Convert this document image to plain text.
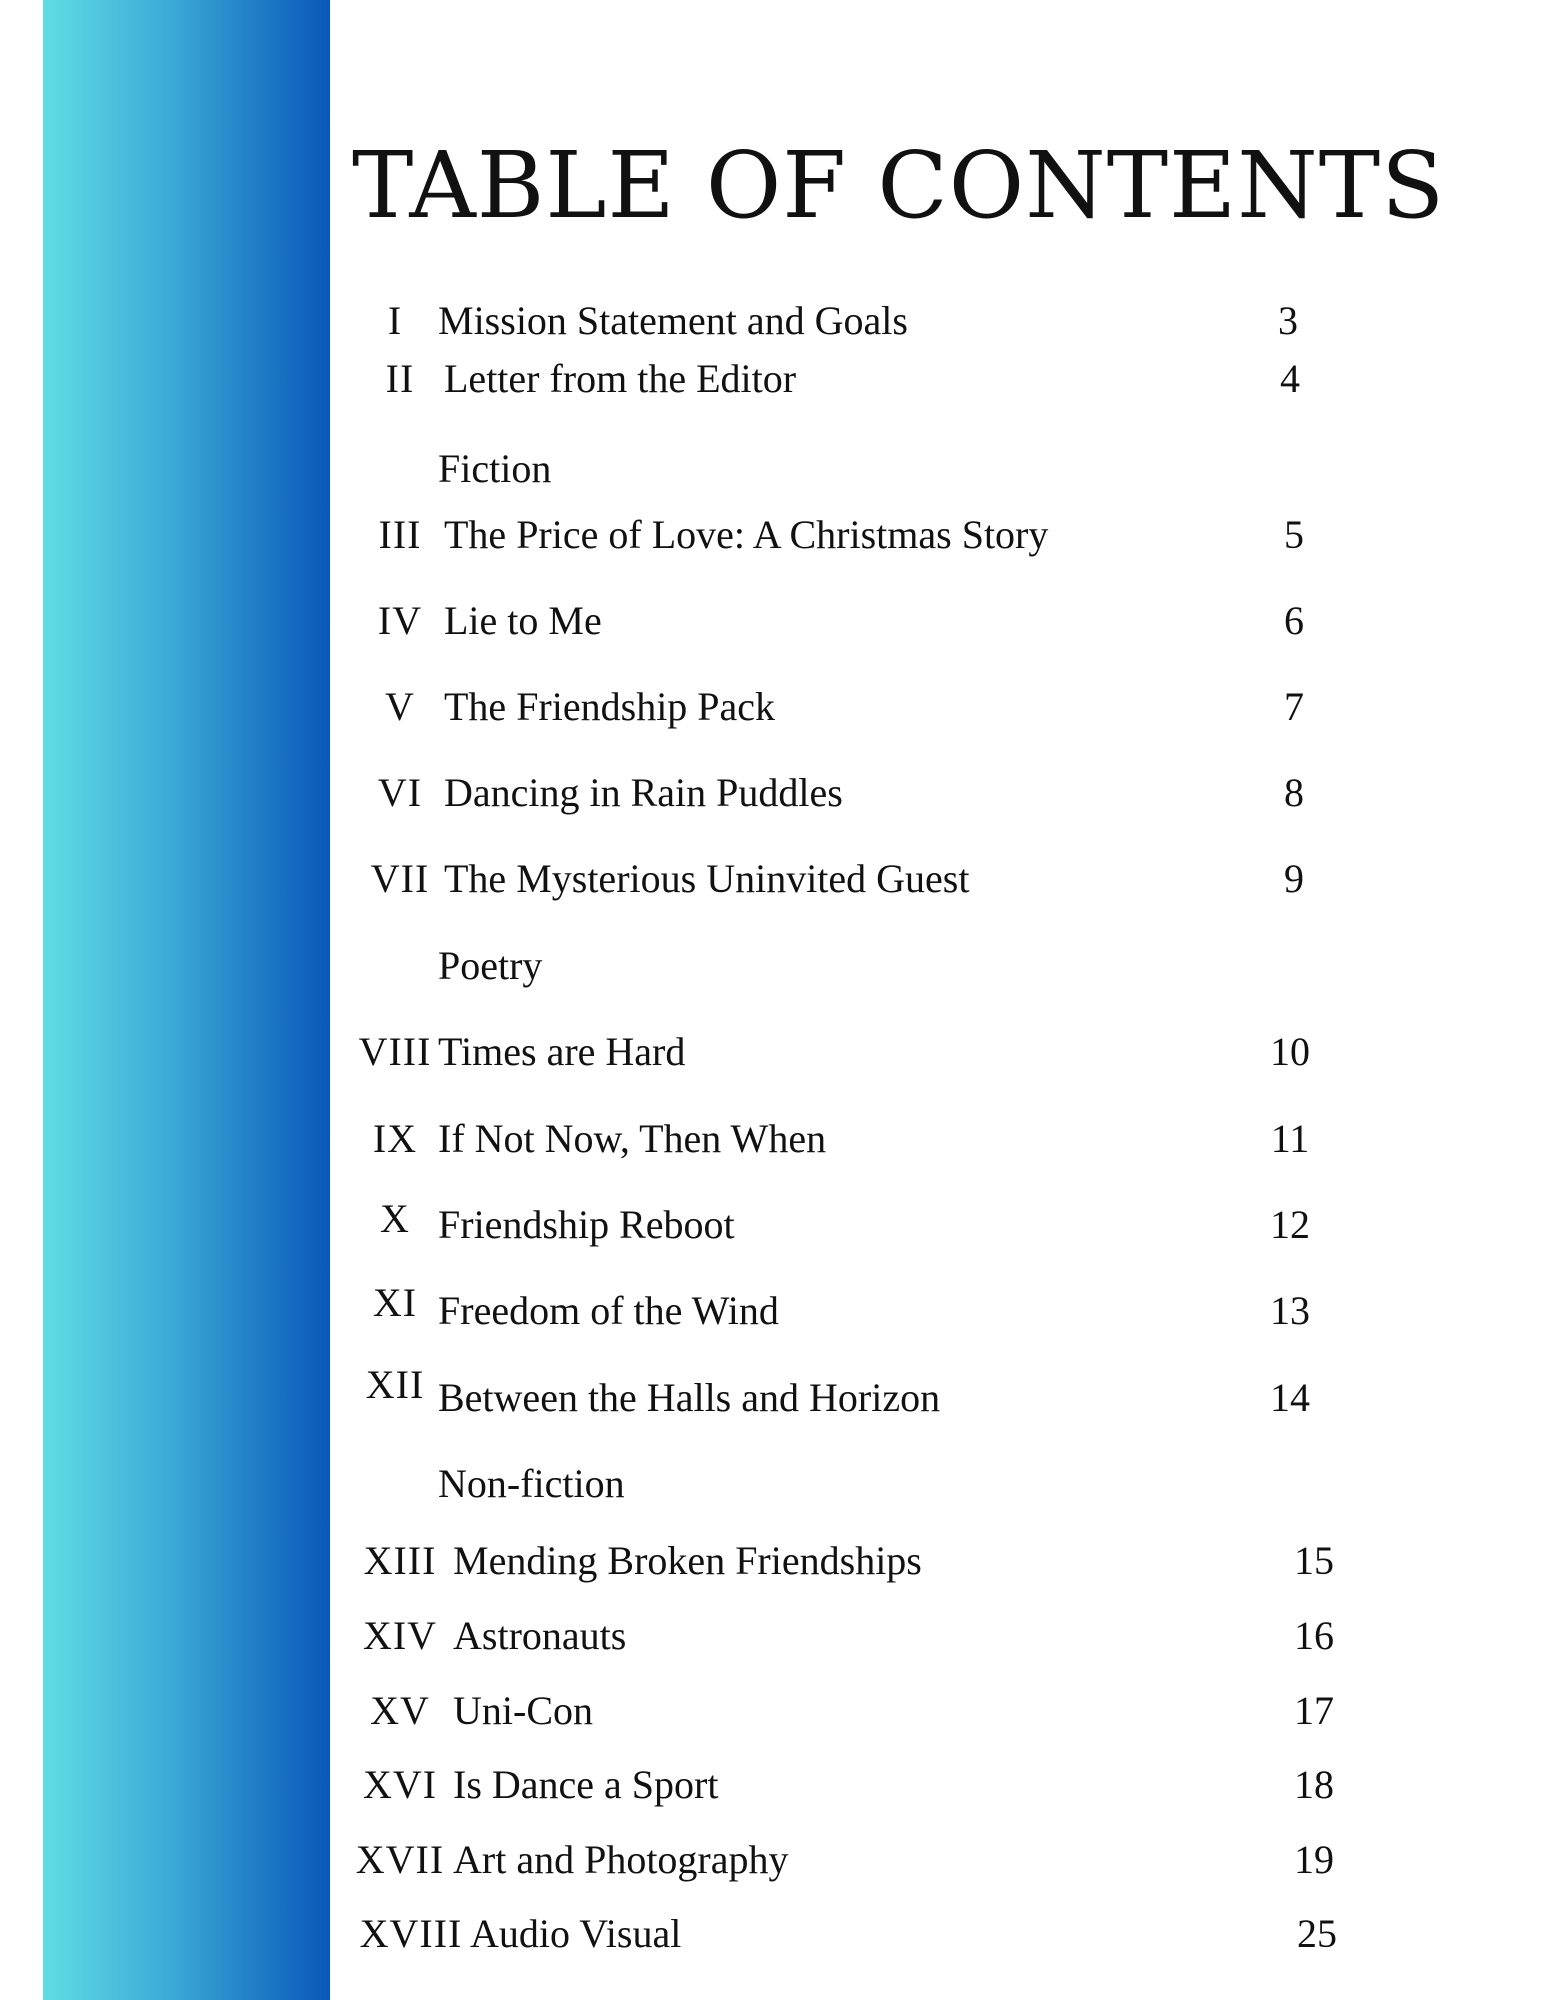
TABLE OF CONTENTS
I Mission Statement and Goals	3
II Letter from the Editor	4
Fiction
III The Price of Love: A Christmas Story	5
IV Lie to Me	6
V The Friendship Pack	7
VI Dancing in Rain Puddles	8
VII The Mysterious Uninvited Guest	9
Poetry
VIII Times are Hard	10
IX If Not Now, Then When	11
X Friendship Reboot	12
XI Freedom of the Wind	13
XII Between the Halls and Horizon	14
Non-fiction
XIII Mending Broken Friendships	15
XIV Astronauts	16
XV Uni-Con	17
XVI Is Dance a Sport	18
XVII Art and Photography	19
XVIII Audio Visual	25
